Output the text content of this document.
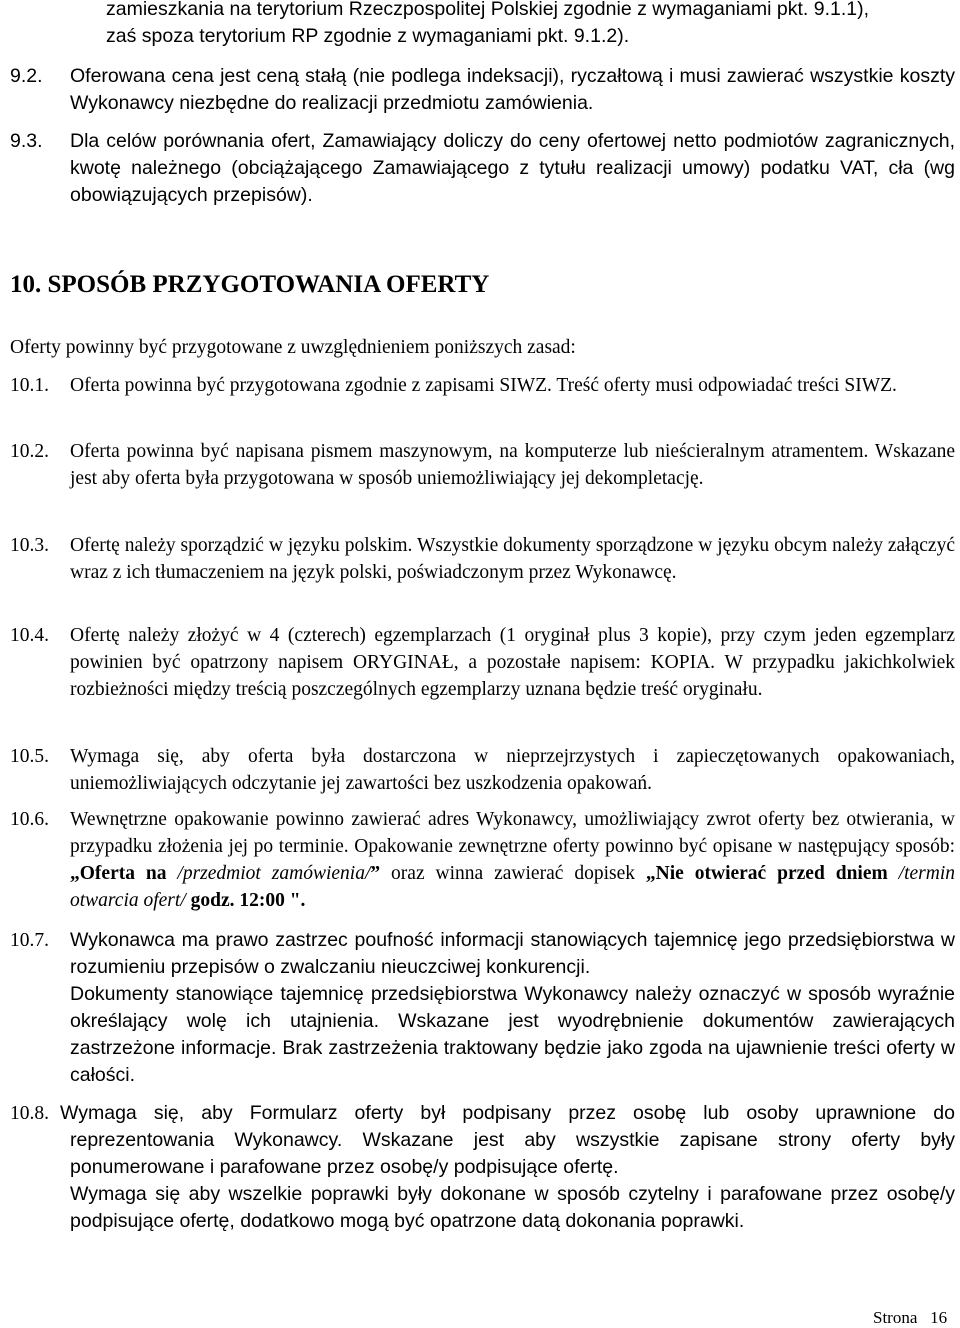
zamieszkania na terytorium Rzeczpospolitej Polskiej zgodnie z wymaganiami pkt. 9.1.1),
zaś spoza terytorium RP zgodnie z wymaganiami pkt. 9.1.2).
9.2. Oferowana cena jest ceną stałą (nie podlega indeksacji), ryczałtową i musi zawierać wszystkie koszty Wykonawcy niezbędne do realizacji przedmiotu zamówienia.
9.3. Dla celów porównania ofert, Zamawiający doliczy do ceny ofertowej netto podmiotów zagranicznych, kwotę należnego (obciążającego Zamawiającego z tytułu realizacji umowy) podatku VAT, cła (wg obowiązujących przepisów).
10. SPOSÓB PRZYGOTOWANIA OFERTY
Oferty powinny być przygotowane z uwzględnieniem poniższych zasad:
10.1. Oferta powinna być przygotowana zgodnie z zapisami SIWZ. Treść oferty musi odpowiadać treści SIWZ.
10.2. Oferta powinna być napisana pismem maszynowym, na komputerze lub nieścieralnym atramentem. Wskazane jest aby oferta była przygotowana w sposób uniemożliwiający jej dekompletację.
10.3. Ofertę należy sporządzić w języku polskim. Wszystkie dokumenty sporządzone w języku obcym należy załączyć wraz z ich tłumaczeniem na język polski, poświadczonym przez Wykonawcę.
10.4. Ofertę należy złożyć w 4 (czterech) egzemplarzach (1 oryginał plus 3 kopie), przy czym jeden egzemplarz powinien być opatrzony napisem ORYGINAŁ, a pozostałe napisem: KOPIA. W przypadku jakichkolwiek rozbieżności między treścią poszczególnych egzemplarzy uznana będzie treść oryginału.
10.5. Wymaga się, aby oferta była dostarczona w nieprzejrzystych i zapieczętowanych opakowaniach, uniemożliwiających odczytanie jej zawartości bez uszkodzenia opakowań.
10.6. Wewnętrzne opakowanie powinno zawierać adres Wykonawcy, umożliwiający zwrot oferty bez otwierania, w przypadku złożenia jej po terminie. Opakowanie zewnętrzne oferty powinno być opisane w następujący sposób: „Oferta na /przedmiot zamówienia/” oraz winna zawierać dopisek „Nie otwierać przed dniem /termin otwarcia ofert/ godz. 12:00 ".
10.7. Wykonawca ma prawo zastrzec poufność informacji stanowiących tajemnicę jego przedsiębiorstwa w rozumieniu przepisów o zwalczaniu nieuczciwej konkurencji.
Dokumenty stanowiące tajemnicę przedsiębiorstwa Wykonawcy należy oznaczyć w sposób wyraźnie określający wolę ich utajnienia. Wskazane jest wyodrębnienie dokumentów zawierających zastrzeżone informacje. Brak zastrzeżenia traktowany będzie jako zgoda na ujawnienie treści oferty w całości.
10.8. Wymaga się, aby Formularz oferty był podpisany przez osobę lub osoby uprawnione do reprezentowania Wykonawcy. Wskazane jest aby wszystkie zapisane strony oferty były ponumerowane i parafowane przez osobę/y podpisujące ofertę.
Wymaga się aby wszelkie poprawki były dokonane w sposób czytelny i parafowane przez osobę/y podpisujące ofertę, dodatkowo mogą być opatrzone datą dokonania poprawki.
Strona 16
